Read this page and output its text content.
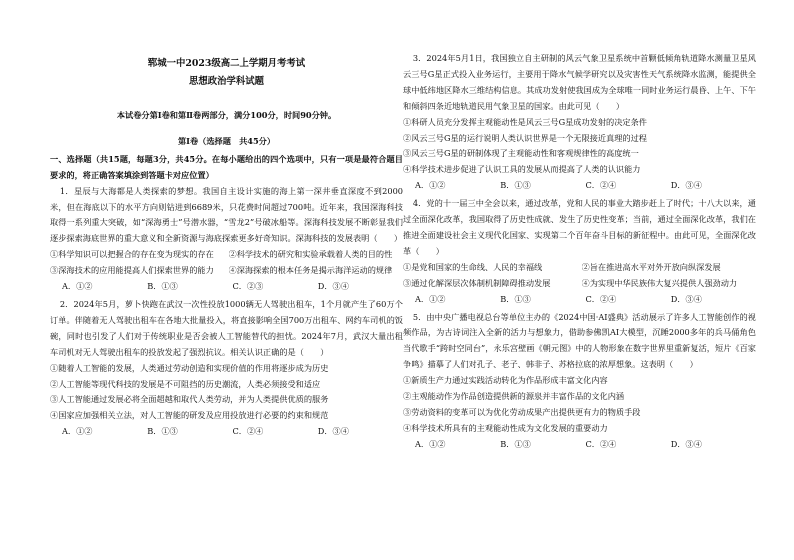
郓城一中2023级高二上学期月考考试
思想政治学科试题
本试卷分第Ⅰ卷和第Ⅱ卷两部分，满分100分，时间90分钟。
第Ⅰ卷（选择题　共45分）

一、选择题（共15题，每题3分，共45分。在每小题给出的四个选项中，只有一项是最符合题目要求的，将正确答案填涂到答题卡对应位置）

1．星辰与大海都是人类探索的梦想。我国自主设计实施的海上第一深井垂直深度不到2000米，但在海底以下的水平方向则钻进到6689米，只花费时间超过700吨。近年来，我国深海科技取得一系列重大突破，如“深海勇士”号潜水器，“雪龙2”号破冰船等。深海科技发展不断彰显我们逐步探索海底世界的重大意义和全新资源与海底探索更多好奇知识。深海科技的发展表明（　　）

①科学知识可以把握合的存在变为现实的存在	②科学技术的研究和实验承载着人类的目的性
③深海技术的应用能提高人们探索世界的能力	④深海探索的根本任务是揭示海洋运动的规律
A．①②	B．①③	C．②③	D．③④

2．2024年5月，萝卜快跑在武汉一次性投放1000辆无人驾驶出租车，1个月就产生了60万个订单。伴随着无人驾驶出租车在各地大批量投入，将直接影响全国700万出租车、网约车司机的饭碗，同时也引发了人们对于传统职业是否会被人工智能替代的担忧。2024年7月，武汉大量出租车司机对无人驾驶出租车的投放发起了强烈抗议。相关认识正确的是（　　）

①随着人工智能的发展，人类通过劳动创造和实现价值的作用将逐步成为历史
②人工智能等现代科技的发展是不可阻挡的历史潮流，人类必须接受和适应
③人工智能通过发展必将全面超越和取代人类劳动，并为人类提供优质的服务
④国家应加强相关立法，对人工智能的研发及应用投放进行必要的约束和规范
A．①②	B．①③	C．②④	D．③④

3．2024年5月1日，我国独立自主研制的风云气象卫星系统中首颗低倾角轨道降水测量卫星风云三号G星正式投入业务运行，主要用于降水气候学研究以及灾害性天气系统降水监测，能提供全球中低纬地区降水三维结构信息。其成功发射使我国成为全球唯一同时业务运行晨昏、上午、下午和倾斜四条近地轨道民用气象卫星的国家。由此可见（　　）

①科研人员充分发挥主观能动性是风云三号G星成功发射的决定条件
②风云三号G星的运行说明人类认识世界是一个无限接近真理的过程
③风云三号G星的研制体现了主观能动性和客观规律性的高度统一
④科学技术进步促进了认识工具的发展从而提高了人类的认识能力
A．①②	B．①③	C．②④	D．③④

4．党的十一届三中全会以来，通过改革，党和人民的事业大踏步赶上了时代；十八大以来，通过全面深化改革，我国取得了历史性成就、发生了历史性变革；当前，通过全面深化改革，我们在推进全面建设社会主义现代化国家、实现第二个百年奋斗目标的新征程中。由此可见，全面深化改革（　　）

①是党和国家的生命线、人民的幸福线	②旨在推进高水平对外开放向纵深发展
③通过化解深层次体制机制障碍推动发展	④为实现中华民族伟大复兴提供人强劲动力
A．①②	B．①③	C．②④	D．③④

5．由中央广播电视总台等单位主办的《2024中国·AI盛典》活动展示了许多人工智能创作的视频作品，为古诗词注入全新的活力与想象力，借助参佛凯AI大模型，沉睡2000多年的兵马俑角色当代歌手“跨时空同台”，永乐宫壁画《朝元图》中的人物形象在数字世界里重新复活，短片《百家争鸣》描摹了人们对孔子、老子、韩非子、苏格拉底的浓厚想象。这表明（　　）

①新质生产力通过实践活动转化为作品形成丰富文化内容
②主观能动作为作品创造提供新的源泉并丰富作品的文化内涵
③劳动资料的变革可以为优化劳动成果产出提供更有力的物质手段
④科学技术所具有的主观能动性成为文化发展的重要动力
A．①②	B．①③	C．②④	D．③④
